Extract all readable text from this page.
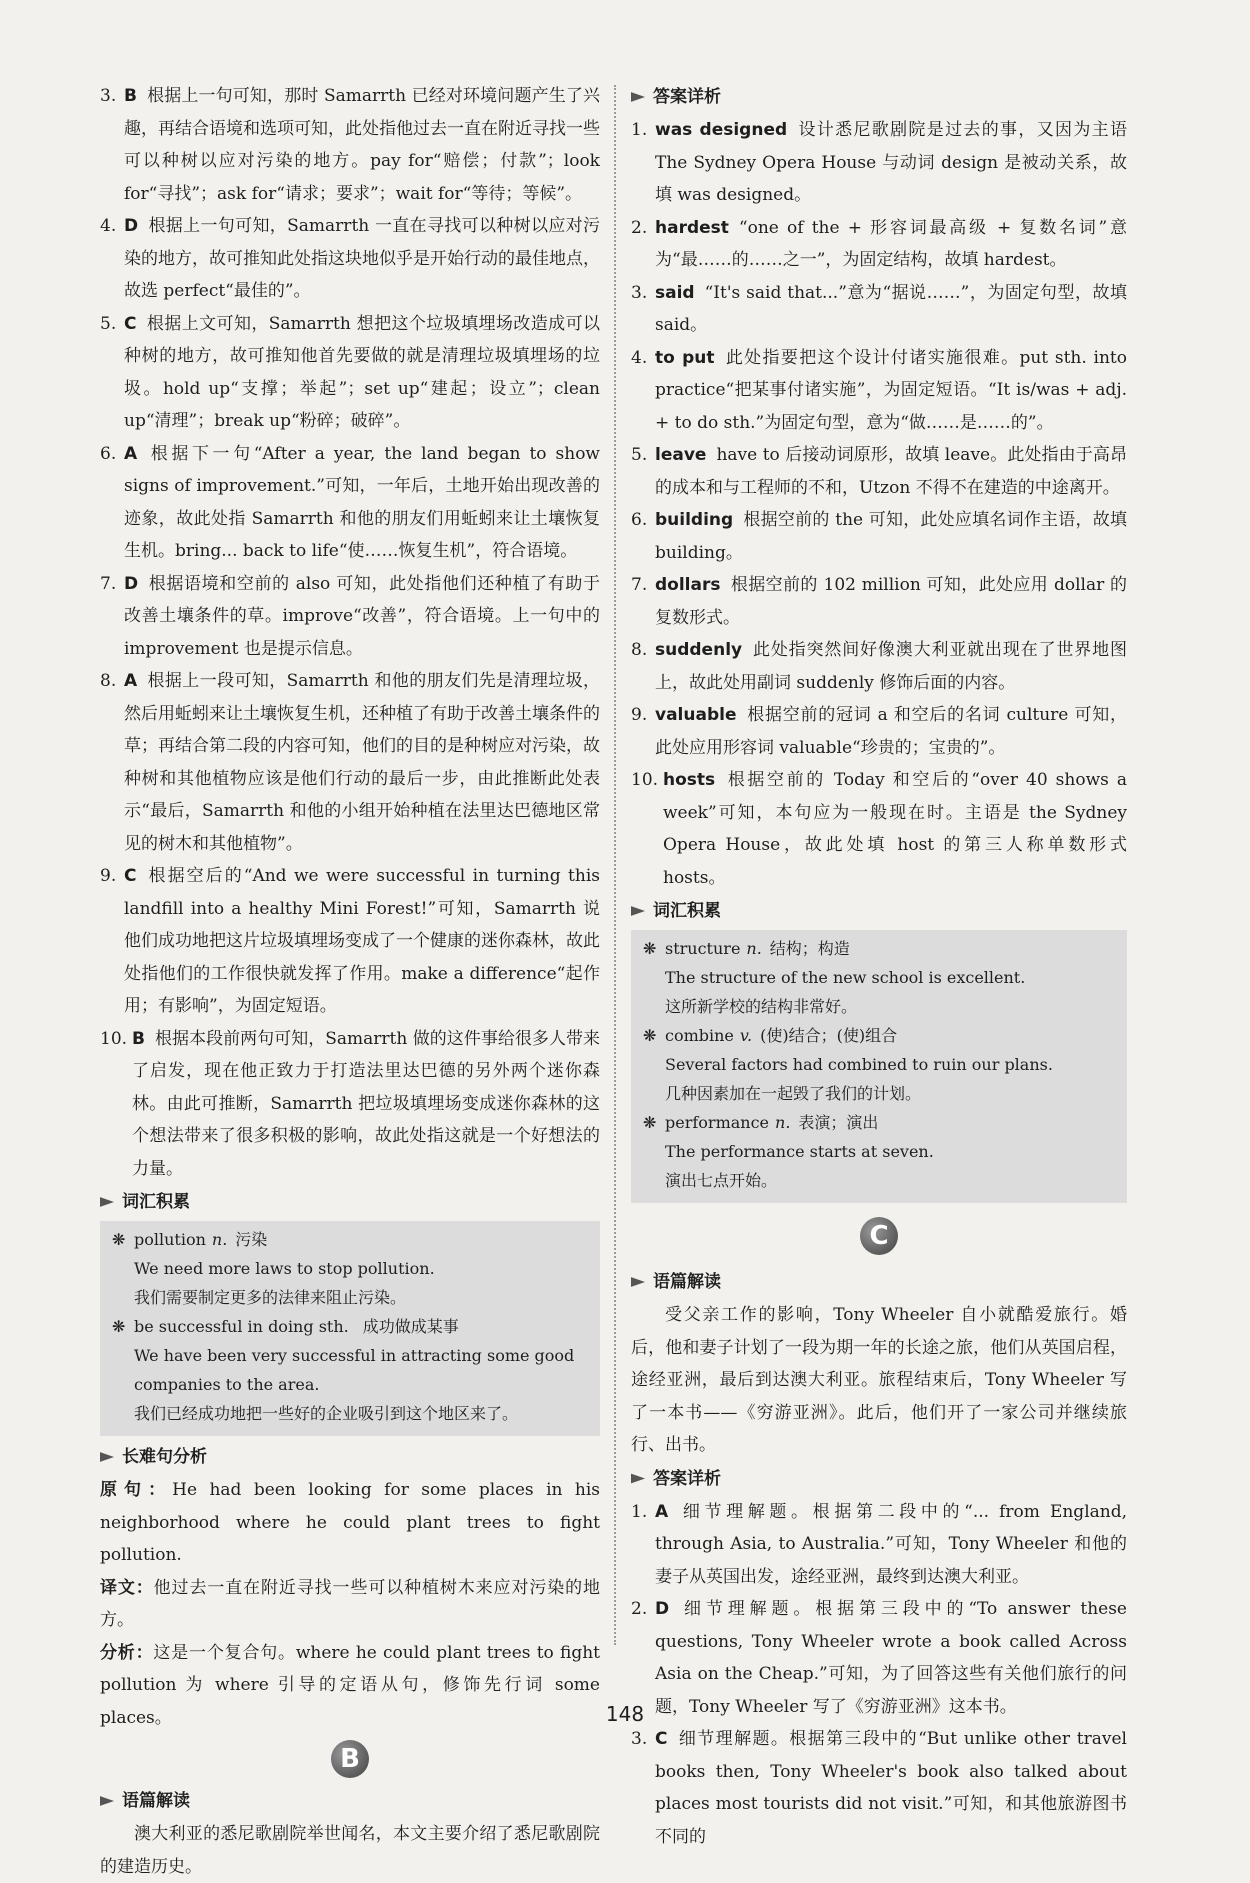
3. B 根据上一句可知，那时 Samarrth 已经对环境问题产生了兴趣，再结合语境和选项可知，此处指他过去一直在附近寻找一些可以种树以应对污染的地方。pay for“赔偿；付款”；look for“寻找”；ask for“请求；要求”；wait for“等待；等候”。
4. D 根据上一句可知，Samarrth 一直在寻找可以种树以应对污染的地方，故可推知此处指这块地似乎是开始行动的最佳地点，故选 perfect“最佳的”。
5. C 根据上文可知，Samarrth 想把这个垃圾填埋场改造成可以种树的地方，故可推知他首先要做的就是清理垃圾填埋场的垃圾。hold up“支撑；举起”；set up“建起；设立”；clean up“清理”；break up“粉碎；破碎”。
6. A 根据下一句“After a year, the land began to show signs of improvement.”可知，一年后，土地开始出现改善的迹象，故此处指 Samarrth 和他的朋友们用蚯蚓来让土壤恢复生机。bring... back to life“使……恢复生机”，符合语境。
7. D 根据语境和空前的 also 可知，此处指他们还种植了有助于改善土壤条件的草。improve“改善”，符合语境。上一句中的 improvement 也是提示信息。
8. A 根据上一段可知，Samarrth 和他的朋友们先是清理垃圾，然后用蚯蚓来让土壤恢复生机，还种植了有助于改善土壤条件的草；再结合第二段的内容可知，他们的目的是种树应对污染，故种树和其他植物应该是他们行动的最后一步，由此推断此处表示“最后，Samarrth 和他的小组开始种植在法里达巴德地区常见的树木和其他植物”。
9. C 根据空后的“And we were successful in turning this landfill into a healthy Mini Forest!”可知，Samarrth 说他们成功地把这片垃圾填埋场变成了一个健康的迷你森林，故此处指他们的工作很快就发挥了作用。make a difference“起作用；有影响”，为固定短语。
10. B 根据本段前两句可知，Samarrth 做的这件事给很多人带来了启发，现在他正致力于打造法里达巴德的另外两个迷你森林。由此可推断，Samarrth 把垃圾填埋场变成迷你森林的这个想法带来了很多积极的影响，故此处指这就是一个好想法的力量。
词汇积累
❋ pollution n. 污染
We need more laws to stop pollution.
我们需要制定更多的法律来阻止污染。
❋ be successful in doing sth. 成功做成某事
We have been very successful in attracting some good companies to the area.
我们已经成功地把一些好的企业吸引到这个地区来了。
长难句分析
原句：He had been looking for some places in his neighborhood where he could plant trees to fight pollution.
译文：他过去一直在附近寻找一些可以种植树木来应对污染的地方。
分析：这是一个复合句。where he could plant trees to fight pollution 为 where 引导的定语从句，修饰先行词 some places。
B
语篇解读
澳大利亚的悉尼歌剧院举世闻名，本文主要介绍了悉尼歌剧院的建造历史。
答案详析
1. was designed 设计悉尼歌剧院是过去的事，又因为主语 The Sydney Opera House 与动词 design 是被动关系，故填 was designed。
2. hardest “one of the + 形容词最高级 + 复数名词”意为“最……的……之一”，为固定结构，故填 hardest。
3. said “It's said that...”意为“据说……”，为固定句型，故填 said。
4. to put 此处指要把这个设计付诸实施很难。put sth. into practice“把某事付诸实施”，为固定短语。“It is/was + adj. + to do sth.”为固定句型，意为“做……是……的”。
5. leave have to 后接动词原形，故填 leave。此处指由于高昂的成本和与工程师的不和，Utzon 不得不在建造的中途离开。
6. building 根据空前的 the 可知，此处应填名词作主语，故填 building。
7. dollars 根据空前的 102 million 可知，此处应用 dollar 的复数形式。
8. suddenly 此处指突然间好像澳大利亚就出现在了世界地图上，故此处用副词 suddenly 修饰后面的内容。
9. valuable 根据空前的冠词 a 和空后的名词 culture 可知，此处应用形容词 valuable“珍贵的；宝贵的”。
10. hosts 根据空前的 Today 和空后的“over 40 shows a week”可知，本句应为一般现在时。主语是 the Sydney Opera House，故此处填 host 的第三人称单数形式 hosts。
词汇积累
❋ structure n. 结构；构造
The structure of the new school is excellent.
这所新学校的结构非常好。
❋ combine v. (使)结合；(使)组合
Several factors had combined to ruin our plans.
几种因素加在一起毁了我们的计划。
❋ performance n. 表演；演出
The performance starts at seven.
演出七点开始。
C
语篇解读
受父亲工作的影响，Tony Wheeler 自小就酷爱旅行。婚后，他和妻子计划了一段为期一年的长途之旅，他们从英国启程，途经亚洲，最后到达澳大利亚。旅程结束后，Tony Wheeler 写了一本书——《穷游亚洲》。此后，他们开了一家公司并继续旅行、出书。
答案详析
1. A 细节理解题。根据第二段中的“... from England, through Asia, to Australia.”可知，Tony Wheeler 和他的妻子从英国出发，途经亚洲，最终到达澳大利亚。
2. D 细节理解题。根据第三段中的“To answer these questions, Tony Wheeler wrote a book called Across Asia on the Cheap.”可知，为了回答这些有关他们旅行的问题，Tony Wheeler 写了《穷游亚洲》这本书。
3. C 细节理解题。根据第三段中的“But unlike other travel books then, Tony Wheeler's book also talked about places most tourists did not visit.”可知，和其他旅游图书不同的
148
